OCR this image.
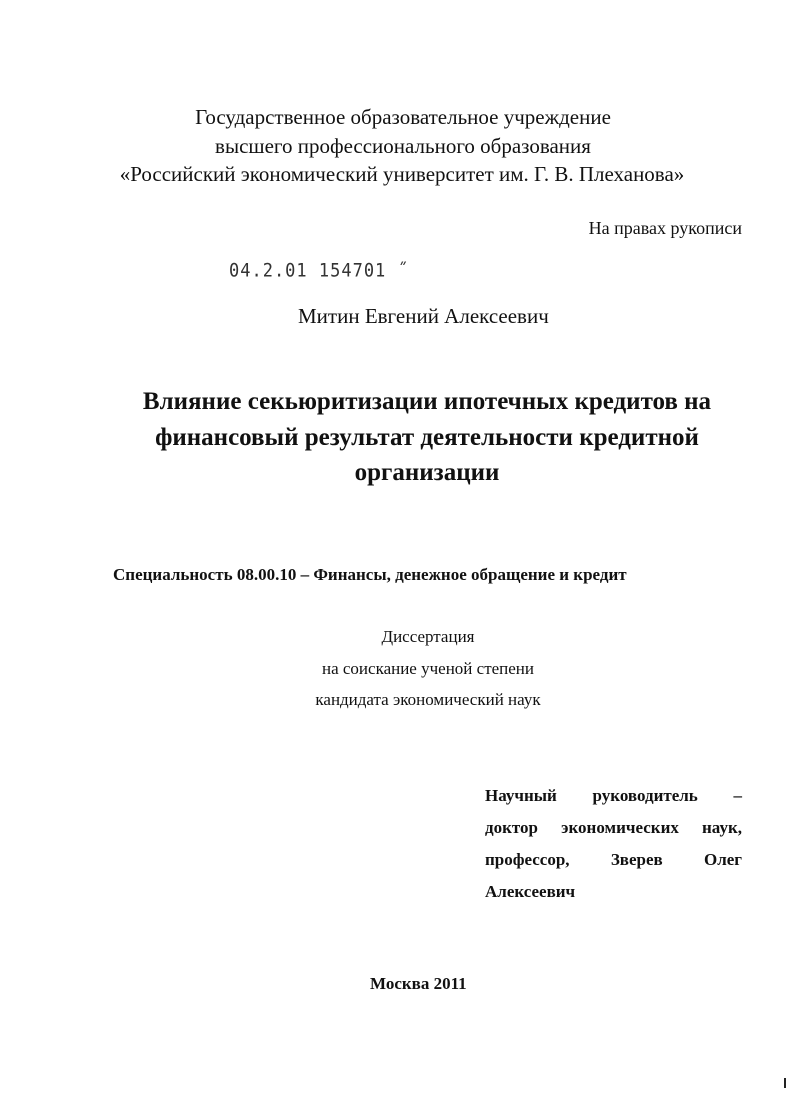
Государственное образовательное учреждение
высшего профессионального образования
«Российский экономический университет им. Г. В. Плеханова»
На правах рукописи
04.2.01 154701 ˝
Митин Евгений Алексеевич
Влияние секьюритизации ипотечных кредитов на
финансовый результат деятельности кредитной
организации
Специальность 08.00.10 – Финансы, денежное обращение и кредит
Диссертация
на соискание ученой степени
кандидата экономический наук
Научный руководитель –
доктор экономических наук,
профессор, Зверев Олег
Алексеевич
Москва 2011
